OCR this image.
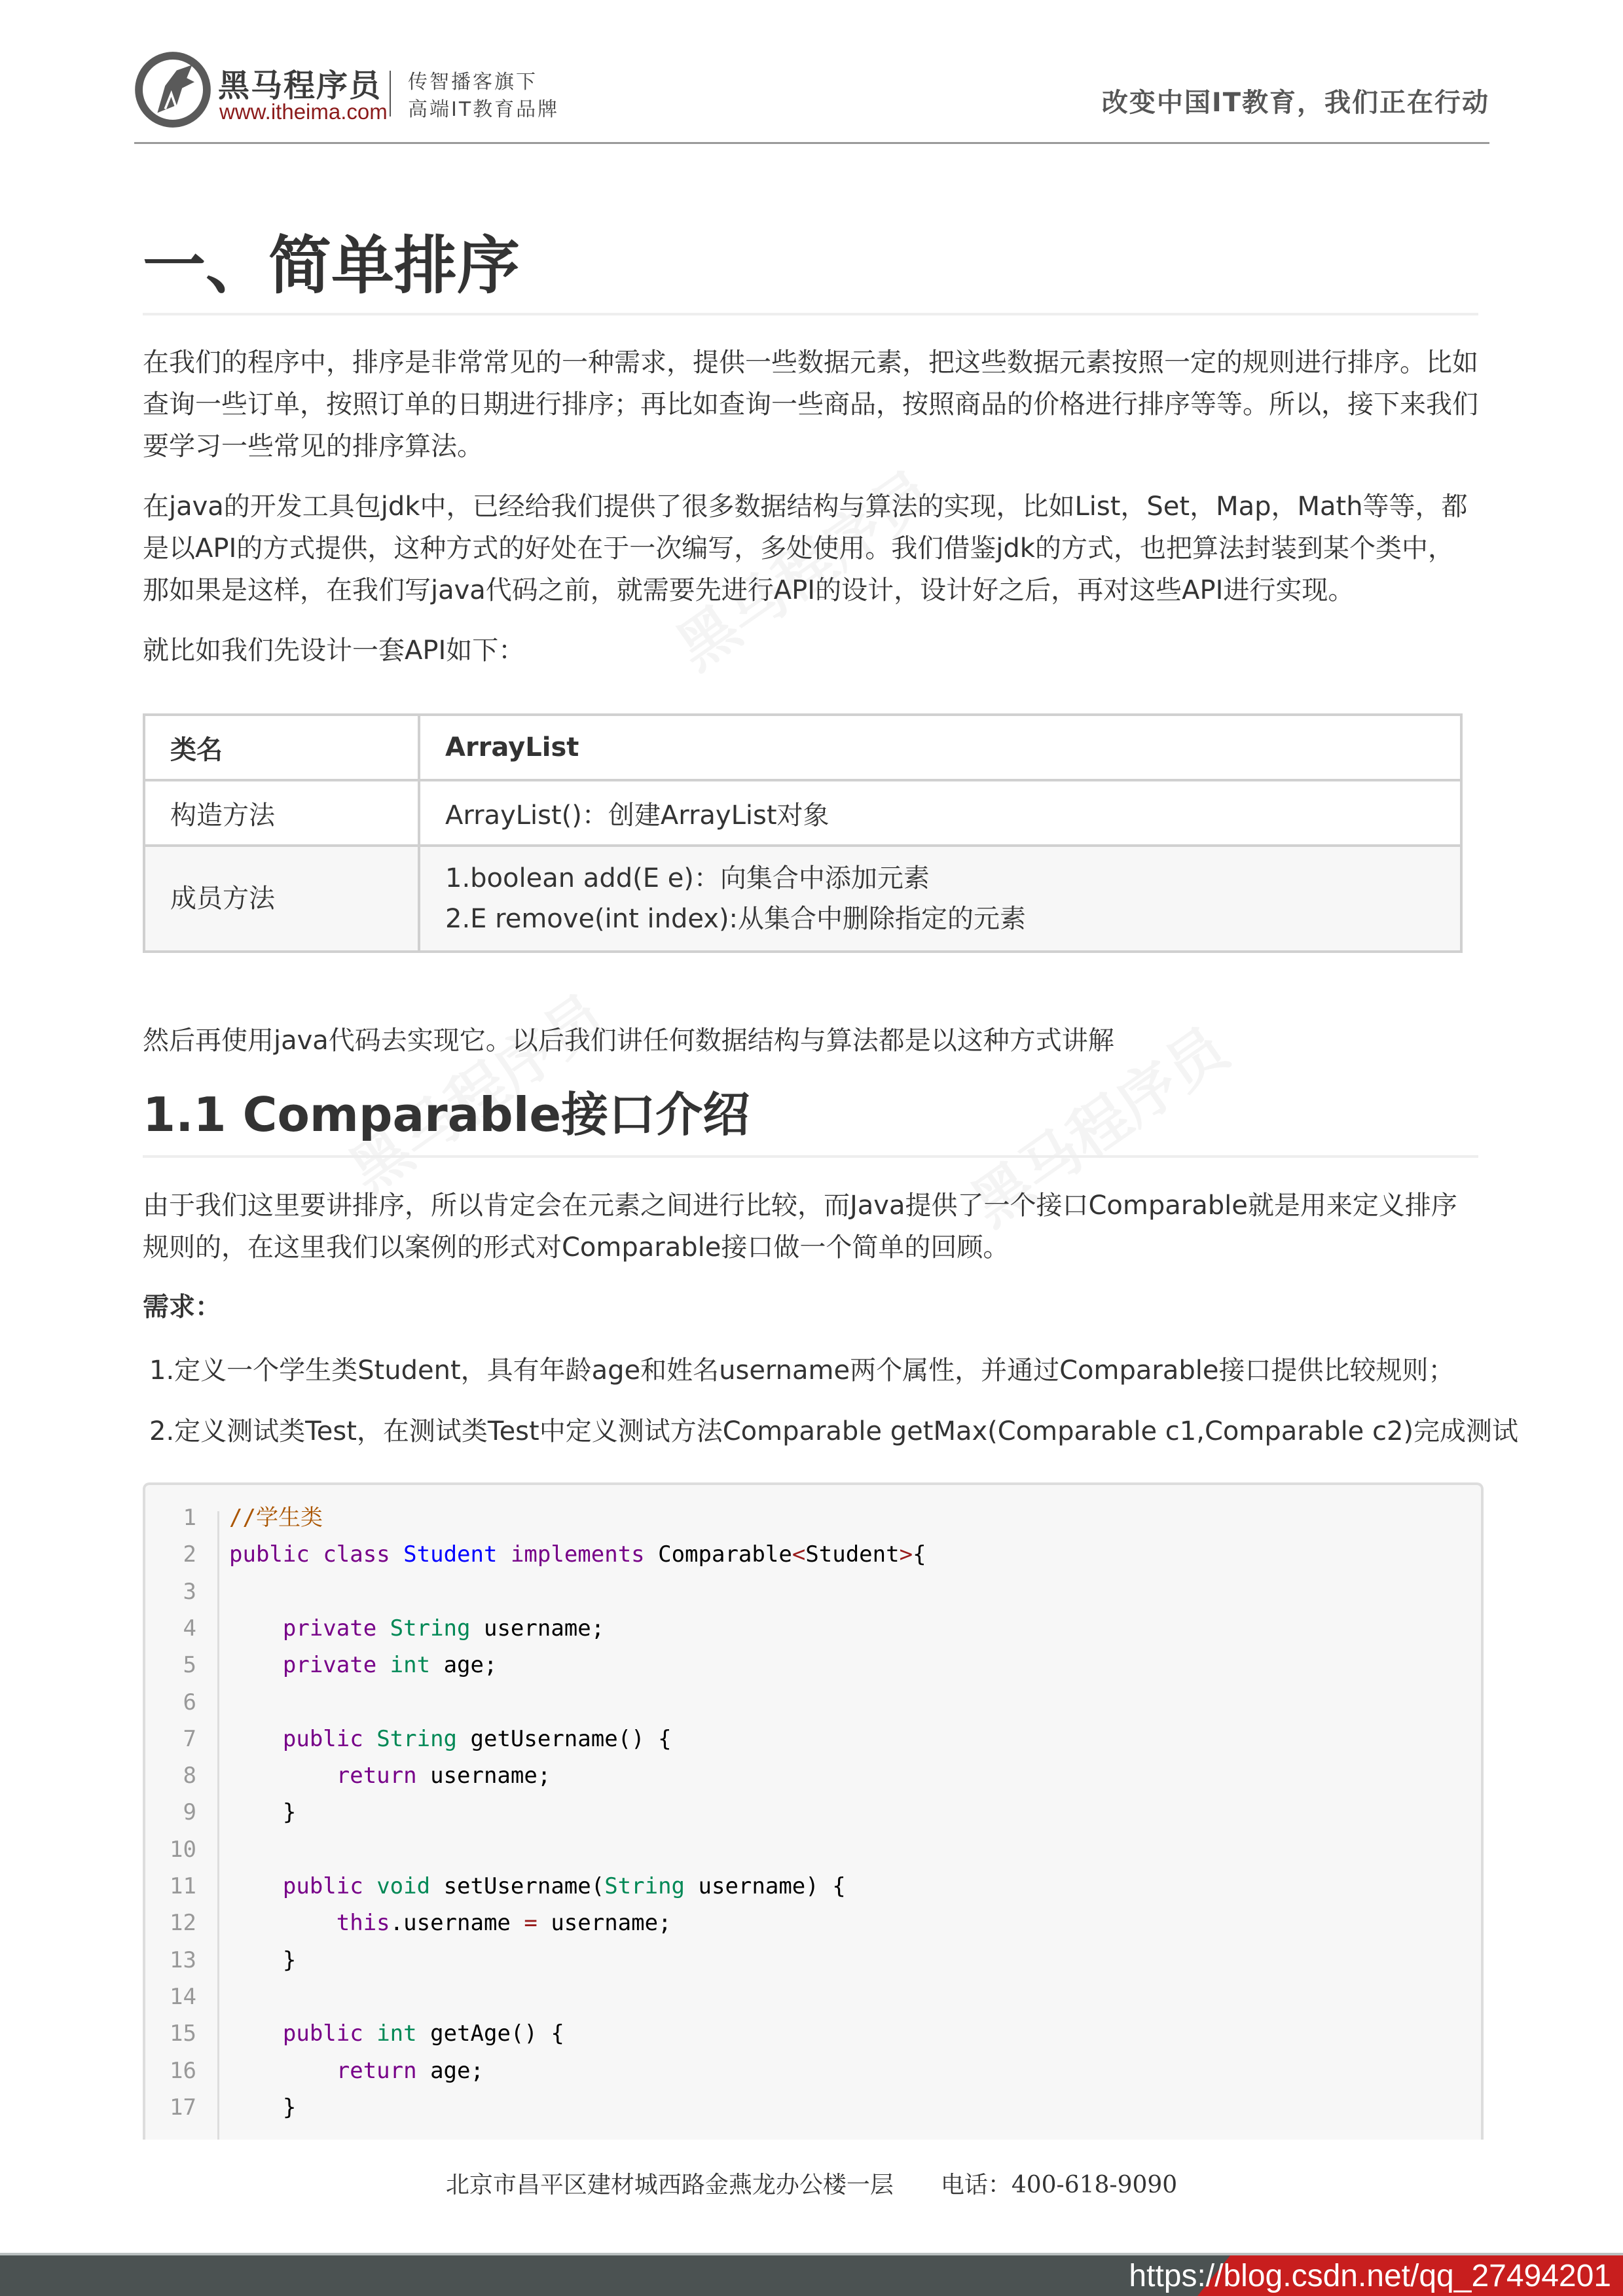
黑马程序员
www.itheima.com
传智播客旗下
高端IT教育品牌	改变中国IT教育，我们正在行动
一、简单排序
在我们的程序中，排序是非常常见的一种需求，提供一些数据元素，把这些数据元素按照一定的规则进行排序。比如查询一些订单，按照订单的日期进行排序；再比如查询一些商品，按照商品的价格进行排序等等。所以，接下来我们要学习一些常见的排序算法。
在java的开发工具包jdk中，已经给我们提供了很多数据结构与算法的实现，比如List，Set，Map，Math等等，都是以API的方式提供，这种方式的好处在于一次编写，多处使用。我们借鉴jdk的方式，也把算法封装到某个类中，那如果是这样，在我们写java代码之前，就需要先进行API的设计，设计好之后，再对这些API进行实现。
就比如我们先设计一套API如下：
类名	ArrayList
构造方法	ArrayList()：创建ArrayList对象
成员方法	1.boolean add(E e)：向集合中添加元素
2.E remove(int index):从集合中删除指定的元素
然后再使用java代码去实现它。以后我们讲任何数据结构与算法都是以这种方式讲解
1.1 Comparable接口介绍
由于我们这里要讲排序，所以肯定会在元素之间进行比较，而Java提供了一个接口Comparable就是用来定义排序规则的，在这里我们以案例的形式对Comparable接口做一个简单的回顾。
需求：
1.定义一个学生类Student，具有年龄age和姓名username两个属性，并通过Comparable接口提供比较规则；
2.定义测试类Test，在测试类Test中定义测试方法Comparable getMax(Comparable c1,Comparable c2)完成测试
1 //学生类
2 public class Student implements Comparable<Student>{
3
4	private String username;
5	private int age;
6
7	public String getUsername() {
8	return username;
9 }
10
11	public void setUsername(String username) {
12	this.username = username;
13 }
14
15	public int getAge() {
16	return age;
17 }
北京市昌平区建材城西路金燕龙办公楼一层　　电话：400-618-9090
https://blog.csdn.net/qq_27494201
